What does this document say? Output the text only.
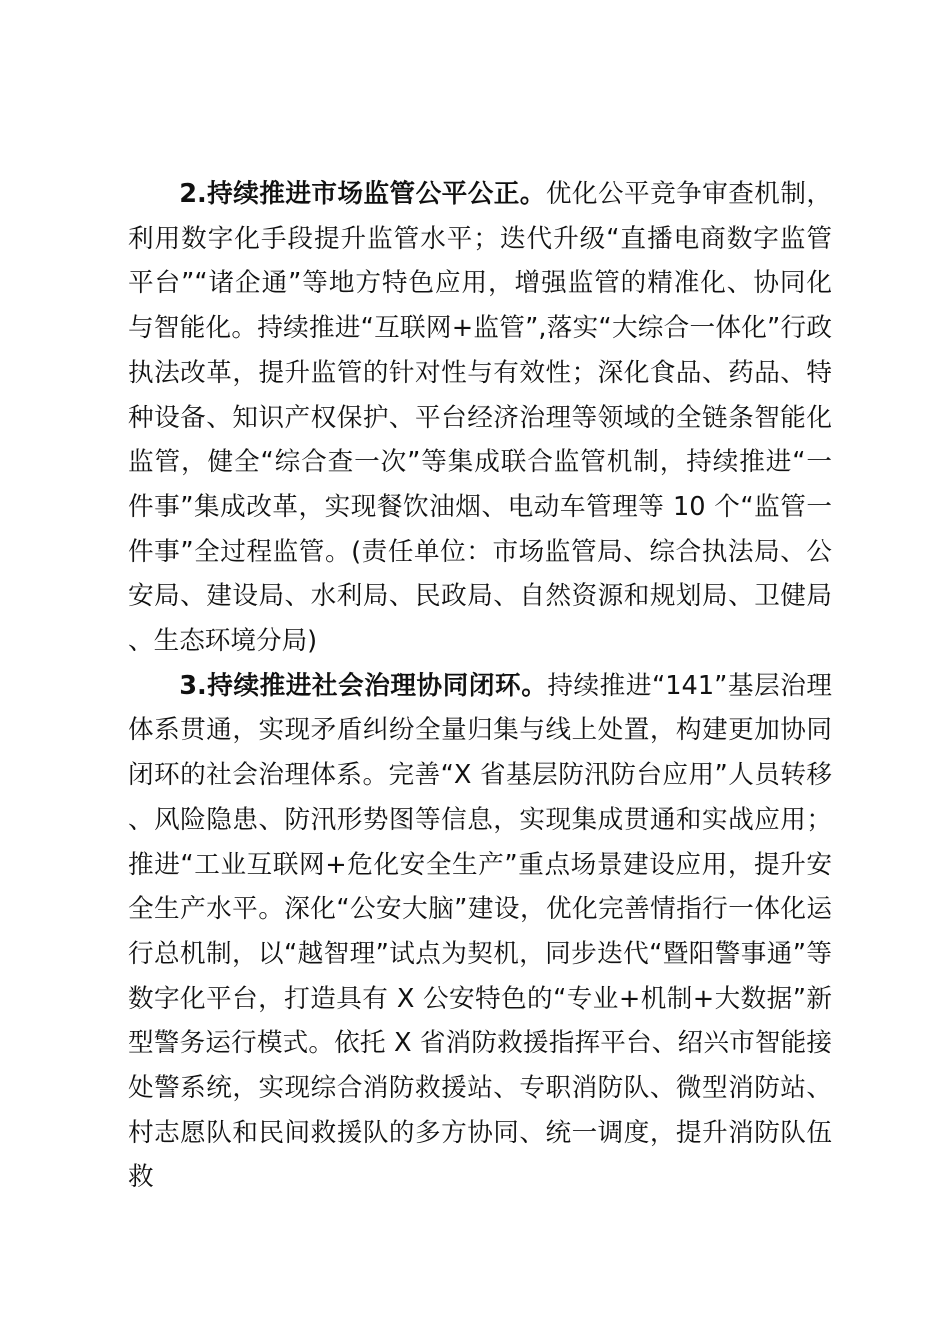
2.持续推进市场监管公平公正。优化公平竞争审查机制，利用数字化手段提升监管水平；迭代升级“直播电商数字监管平台”“诸企通”等地方特色应用，增强监管的精准化、协同化与智能化。持续推进“互联网+监管”,落实“大综合一体化”行政执法改革，提升监管的针对性与有效性；深化食品、药品、特种设备、知识产权保护、平台经济治理等领域的全链条智能化监管，健全“综合查一次”等集成联合监管机制，持续推进“一件事”集成改革，实现餐饮油烟、电动车管理等 10 个“监管一件事”全过程监管。(责任单位：市场监管局、综合执法局、公安局、建设局、水利局、民政局、自然资源和规划局、卫健局、生态环境分局)

3.持续推进社会治理协同闭环。持续推进“141”基层治理体系贯通，实现矛盾纠纷全量归集与线上处置，构建更加协同闭环的社会治理体系。完善“X 省基层防汛防台应用”人员转移、风险隐患、防汛形势图等信息，实现集成贯通和实战应用；推进“工业互联网+危化安全生产”重点场景建设应用，提升安全生产水平。深化“公安大脑”建设，优化完善情指行一体化运行总机制，以“越智理”试点为契机，同步迭代“暨阳警事通”等数字化平台，打造具有 X 公安特色的“专业+机制+大数据”新型警务运行模式。依托 X 省消防救援指挥平台、绍兴市智能接处警系统，实现综合消防救援站、专职消防队、微型消防站、村志愿队和民间救援队的多方协同、统一调度，提升消防队伍救
